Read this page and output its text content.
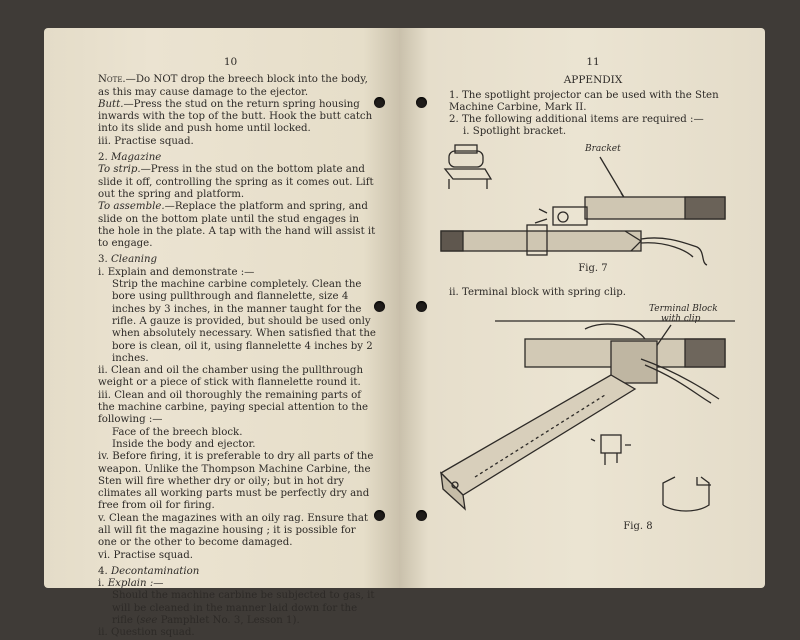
10

Note.—Do NOT drop the breech block into the body, as this may cause damage to the ejector.

Butt.—Press the stud on the return spring housing inwards with the top of the butt. Hook the butt catch into its slide and push home until locked.

iii. Practise squad.

2. Magazine

To strip.—Press in the stud on the bottom plate and slide it off, controlling the spring as it comes out. Lift out the spring and platform.

To assemble.—Replace the platform and spring, and slide on the bottom plate until the stud engages in the hole in the plate. A tap with the hand will assist it to engage.

3. Cleaning

i. Explain and demonstrate :—

Strip the machine carbine completely. Clean the bore using pullthrough and flannelette, size 4 inches by 3 inches, in the manner taught for the rifle. A gauze is provided, but should be used only when absolutely necessary. When satisfied that the bore is clean, oil it, using flannelette 4 inches by 2 inches.

ii. Clean and oil the chamber using the pullthrough weight or a piece of stick with flannelette round it.

iii. Clean and oil thoroughly the remaining parts of the machine carbine, paying special attention to the following :—

Face of the breech block.

Inside the body and ejector.

iv. Before firing, it is preferable to dry all parts of the weapon. Unlike the Thompson Machine Carbine, the Sten will fire whether dry or oily; but in hot dry climates all working parts must be perfectly dry and free from oil for firing.

v. Clean the magazines with an oily rag. Ensure that all will fit the magazine housing ; it is possible for one or the other to become damaged.

vi. Practise squad.

4. Decontamination

i. Explain :—

Should the machine carbine be subjected to gas, it will be cleaned in the manner laid down for the rifle (see Pamphlet No. 3, Lesson 1).

ii. Question squad.

11
APPENDIX

1. The spotlight projector can be used with the Sten Machine Carbine, Mark II.

2. The following additional items are required :—

i. Spotlight bracket.

Bracket
Fig. 7

ii. Terminal block with spring clip.

Terminal Block
with clip
Fig. 8
